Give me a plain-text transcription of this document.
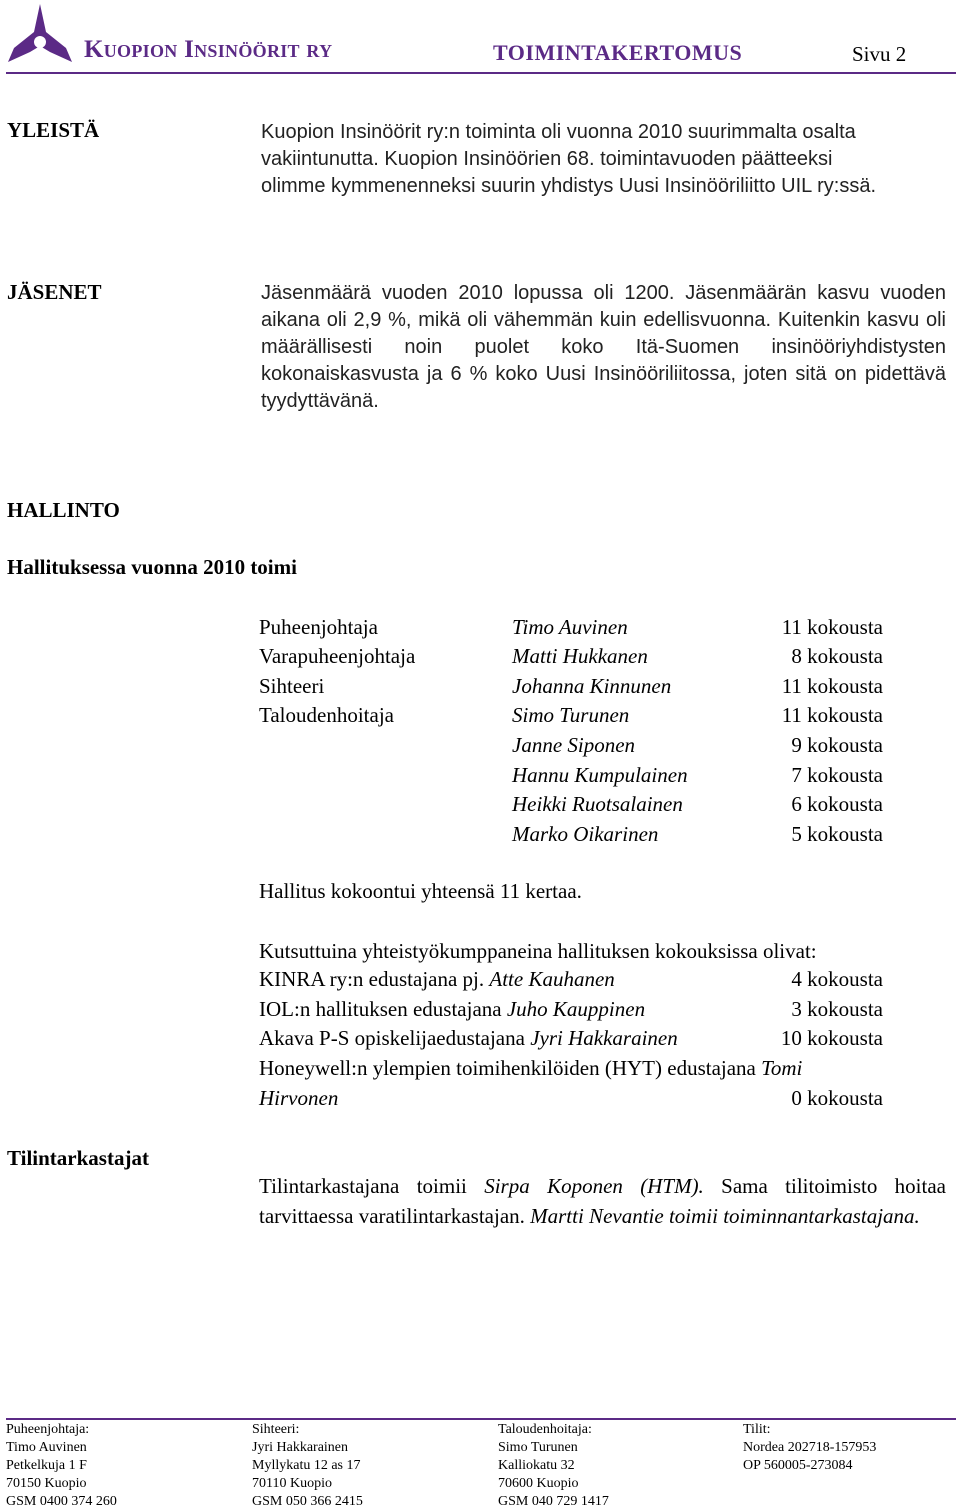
Kuopion Insinöörit ry	TOIMINTAKERTOMUS	Sivu 2
YLEISTÄ	Kuopion Insinöörit ry:n toiminta oli vuonna 2010 suurimmalta osalta
vakiintunutta. Kuopion Insinöörien 68. toimintavuoden päätteeksi
olimme kymmenenneksi suurin yhdistys Uusi Insinööriliitto UIL ry:ssä.
JÄSENET	Jäsenmäärä vuoden 2010 lopussa oli 1200. Jäsenmäärän kasvu vuoden aikana oli 2,9 %, mikä oli vähemmän kuin edellisvuonna. Kuitenkin kasvu oli määrällisesti noin puolet koko Itä-Suomen insinööriyhdistysten kokonaiskasvusta ja 6 % koko Uusi Insinööriliitossa, joten sitä on pidettävä tyydyttävänä.
HALLINTO
Hallituksessa vuonna 2010 toimi
Puheenjohtaja	Timo Auvinen	11 kokousta
Varapuheenjohtaja	Matti Hukkanen	8 kokousta
Sihteeri	Johanna Kinnunen	11 kokousta
Taloudenhoitaja	Simo Turunen	11 kokousta
Janne Siponen	9 kokousta
Hannu Kumpulainen	7 kokousta
Heikki Ruotsalainen	6 kokousta
Marko Oikarinen	5 kokousta
Hallitus kokoontui yhteensä 11 kertaa.
Kutsuttuina yhteistyökumppaneina hallituksen kokouksissa olivat:
KINRA ry:n edustajana pj. Atte Kauhanen	4 kokousta
IOL:n hallituksen edustajana Juho Kauppinen	3 kokousta
Akava P-S opiskelijaedustajana Jyri Hakkarainen	10 kokousta
Honeywell:n ylempien toimihenkilöiden (HYT) edustajana Tomi
Hirvonen	0 kokousta
Tilintarkastajat
Tilintarkastajana toimii Sirpa Koponen (HTM). Sama tilitoimisto hoitaa tarvittaessa varatilintarkastajan. Martti Nevantie toimii toiminnantarkastajana.
Puheenjohtaja:
Timo Auvinen
Petkelkuja 1 F
70150 Kuopio
GSM 0400 374 260
Sihteeri:
Jyri Hakkarainen
Myllykatu 12 as 17
70110 Kuopio
GSM 050 366 2415
Taloudenhoitaja:
Simo Turunen
Kalliokatu 32
70600 Kuopio
GSM 040 729 1417
Tilit:
Nordea 202718-157953
OP 560005-273084
